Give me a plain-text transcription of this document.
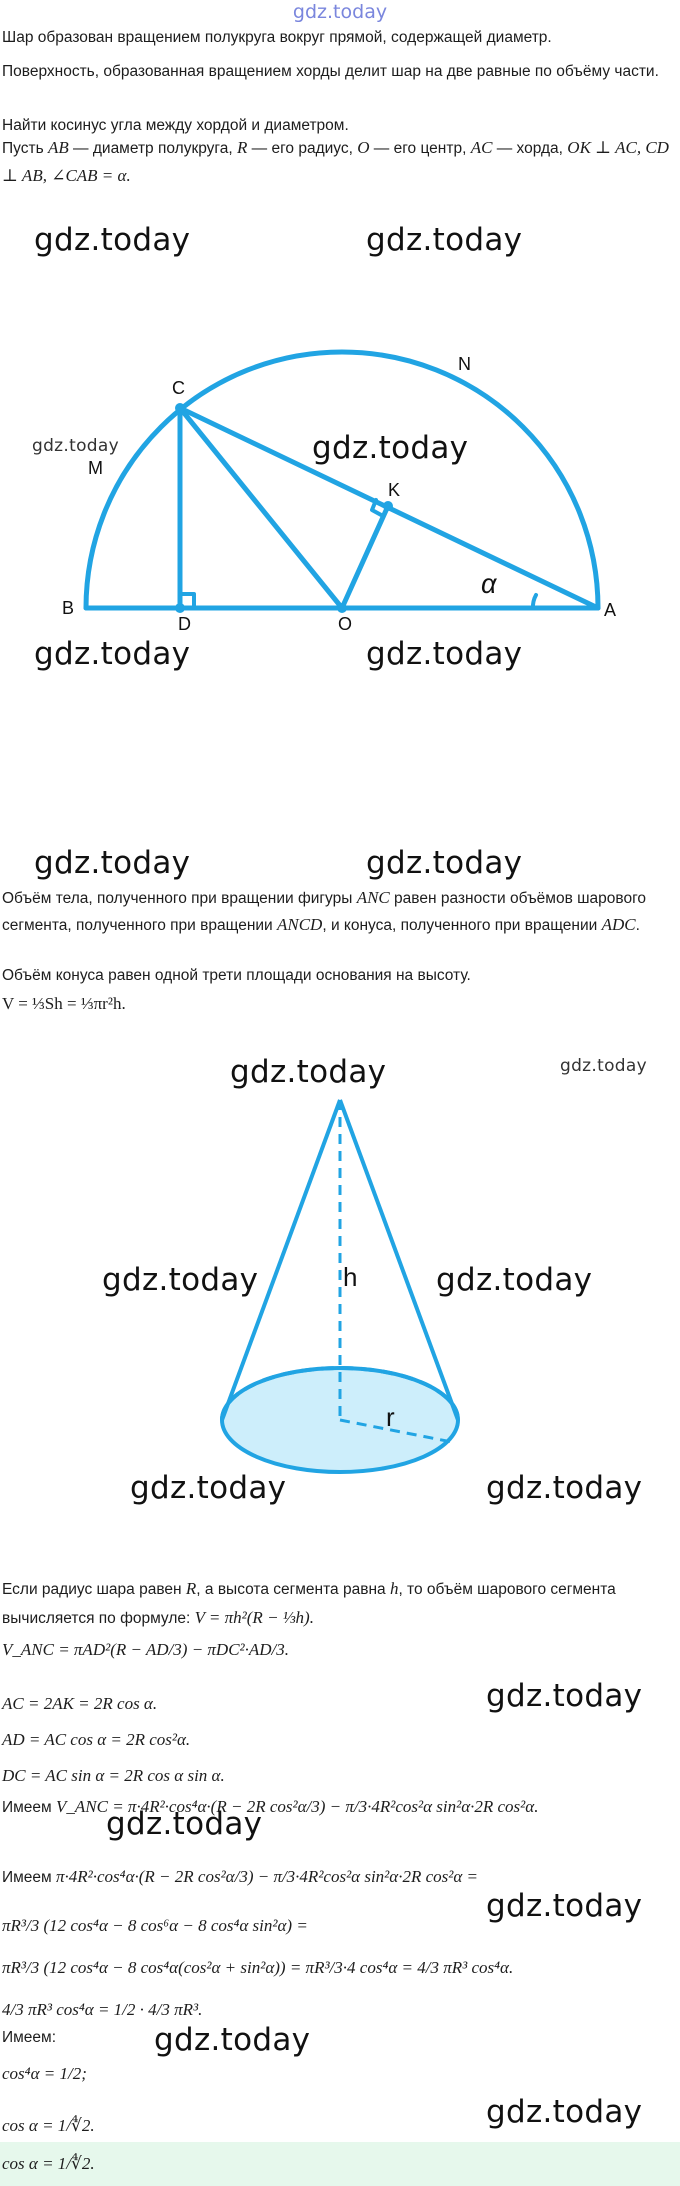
gdz.today

Шар образован вращением полукруга вокруг прямой, содержащей диаметр.

Поверхность, образованная вращением хорды делит шар на две равные по объёму части.

Найти косинус угла между хордой и диаметром.

Пусть AB — диаметр полукруга, R — его радиус, O — его центр, AC — хорда, OK ⊥ AC, CD ⊥ AB, ∠CAB = α.

C
N
M
K
B
D	O
A
α

Объём тела, полученного при вращении фигуры ANC равен разности объёмов шарового сегмента, полученного при вращении ANCD, и конуса, полученного при вращении ADC.

Объём конуса равен одной трети площади основания на высоту.

V = ⅓Sh = ⅓πr²h.

h
r

Если радиус шара равен R, а высота сегмента равна h, то объём шарового сегмента вычисляется по формуле: V = πh²(R − ⅓h).

V_ANC = πAD²(R − AD/3) − πDC²·AD/3.

AC = 2AK = 2R cos α.

AD = AC cos α = 2R cos²α.

DC = AC sin α = 2R cos α sin α.

Имеем V_ANC = π·4R²·cos⁴α·(R − 2R cos²α/3) − π/3·4R²cos²α sin²α·2R cos²α.

Имеем π·4R²·cos⁴α·(R − 2R cos²α/3) − π/3·4R²cos²α sin²α·2R cos²α =

πR³/3 (12 cos⁴α − 8 cos⁶α − 8 cos⁴α sin²α) =

πR³/3 (12 cos⁴α − 8 cos⁴α(cos²α + sin²α)) = πR³/3·4 cos⁴α = 4/3 πR³ cos⁴α.

4/3 πR³ cos⁴α = 1/2 · 4/3 πR³.

Имеем:

cos⁴α = 1/2;

cos α = 1/∜2.

cos α = 1/∜2.

gdz.today	gdz.today
gdz.today	gdz.today
gdz.today	gdz.today
gdz.today	gdz.today
gdz.today	gdz.today
gdz.today	gdz.today
gdz.today	gdz.today
gdz.today
gdz.today
gdz.today
gdz.today
gdz.today
